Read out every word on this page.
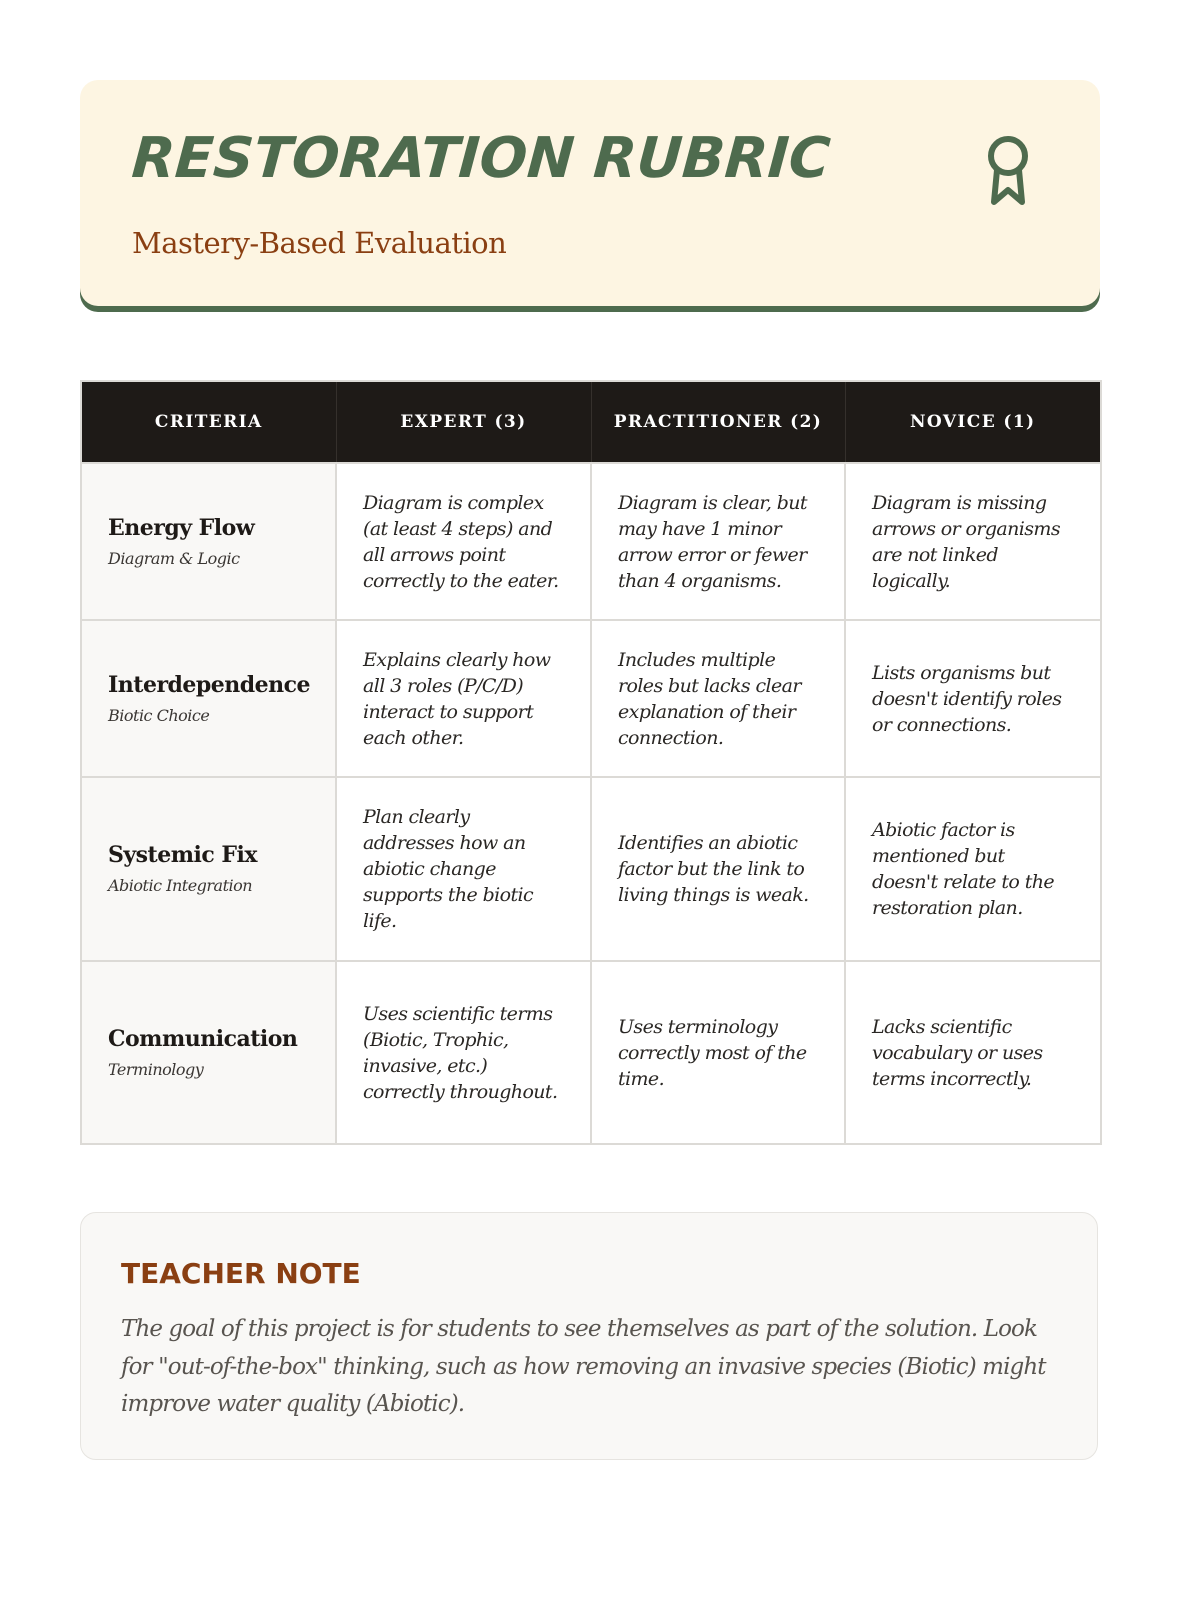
RESTORATION RUBRIC

Mastery-Based Evaluation

CRITERIA	EXPERT (3)	PRACTITIONER (2)	NOVICE (1)

Energy Flow
Diagram & Logic	Diagram is complex (at least 4 steps) and all arrows point correctly to the eater.	Diagram is clear, but may have 1 minor arrow error or fewer than 4 organisms.	Diagram is missing arrows or organisms are not linked logically.

Interdependence
Biotic Choice	Explains clearly how all 3 roles (P/C/D) interact to support each other.	Includes multiple roles but lacks clear explanation of their connection.	Lists organisms but doesn't identify roles or connections.

Systemic Fix
Abiotic Integration	Plan clearly addresses how an abiotic change supports the biotic life.	Identifies an abiotic factor but the link to living things is weak.	Abiotic factor is mentioned but doesn't relate to the restoration plan.

Communication
Terminology	Uses scientific terms (Biotic, Trophic, invasive, etc.) correctly throughout.	Uses terminology correctly most of the time.	Lacks scientific vocabulary or uses terms incorrectly.
TEACHER NOTE

The goal of this project is for students to see themselves as part of the solution. Look for "out-of-the-box" thinking, such as how removing an invasive species (Biotic) might improve water quality (Abiotic).
